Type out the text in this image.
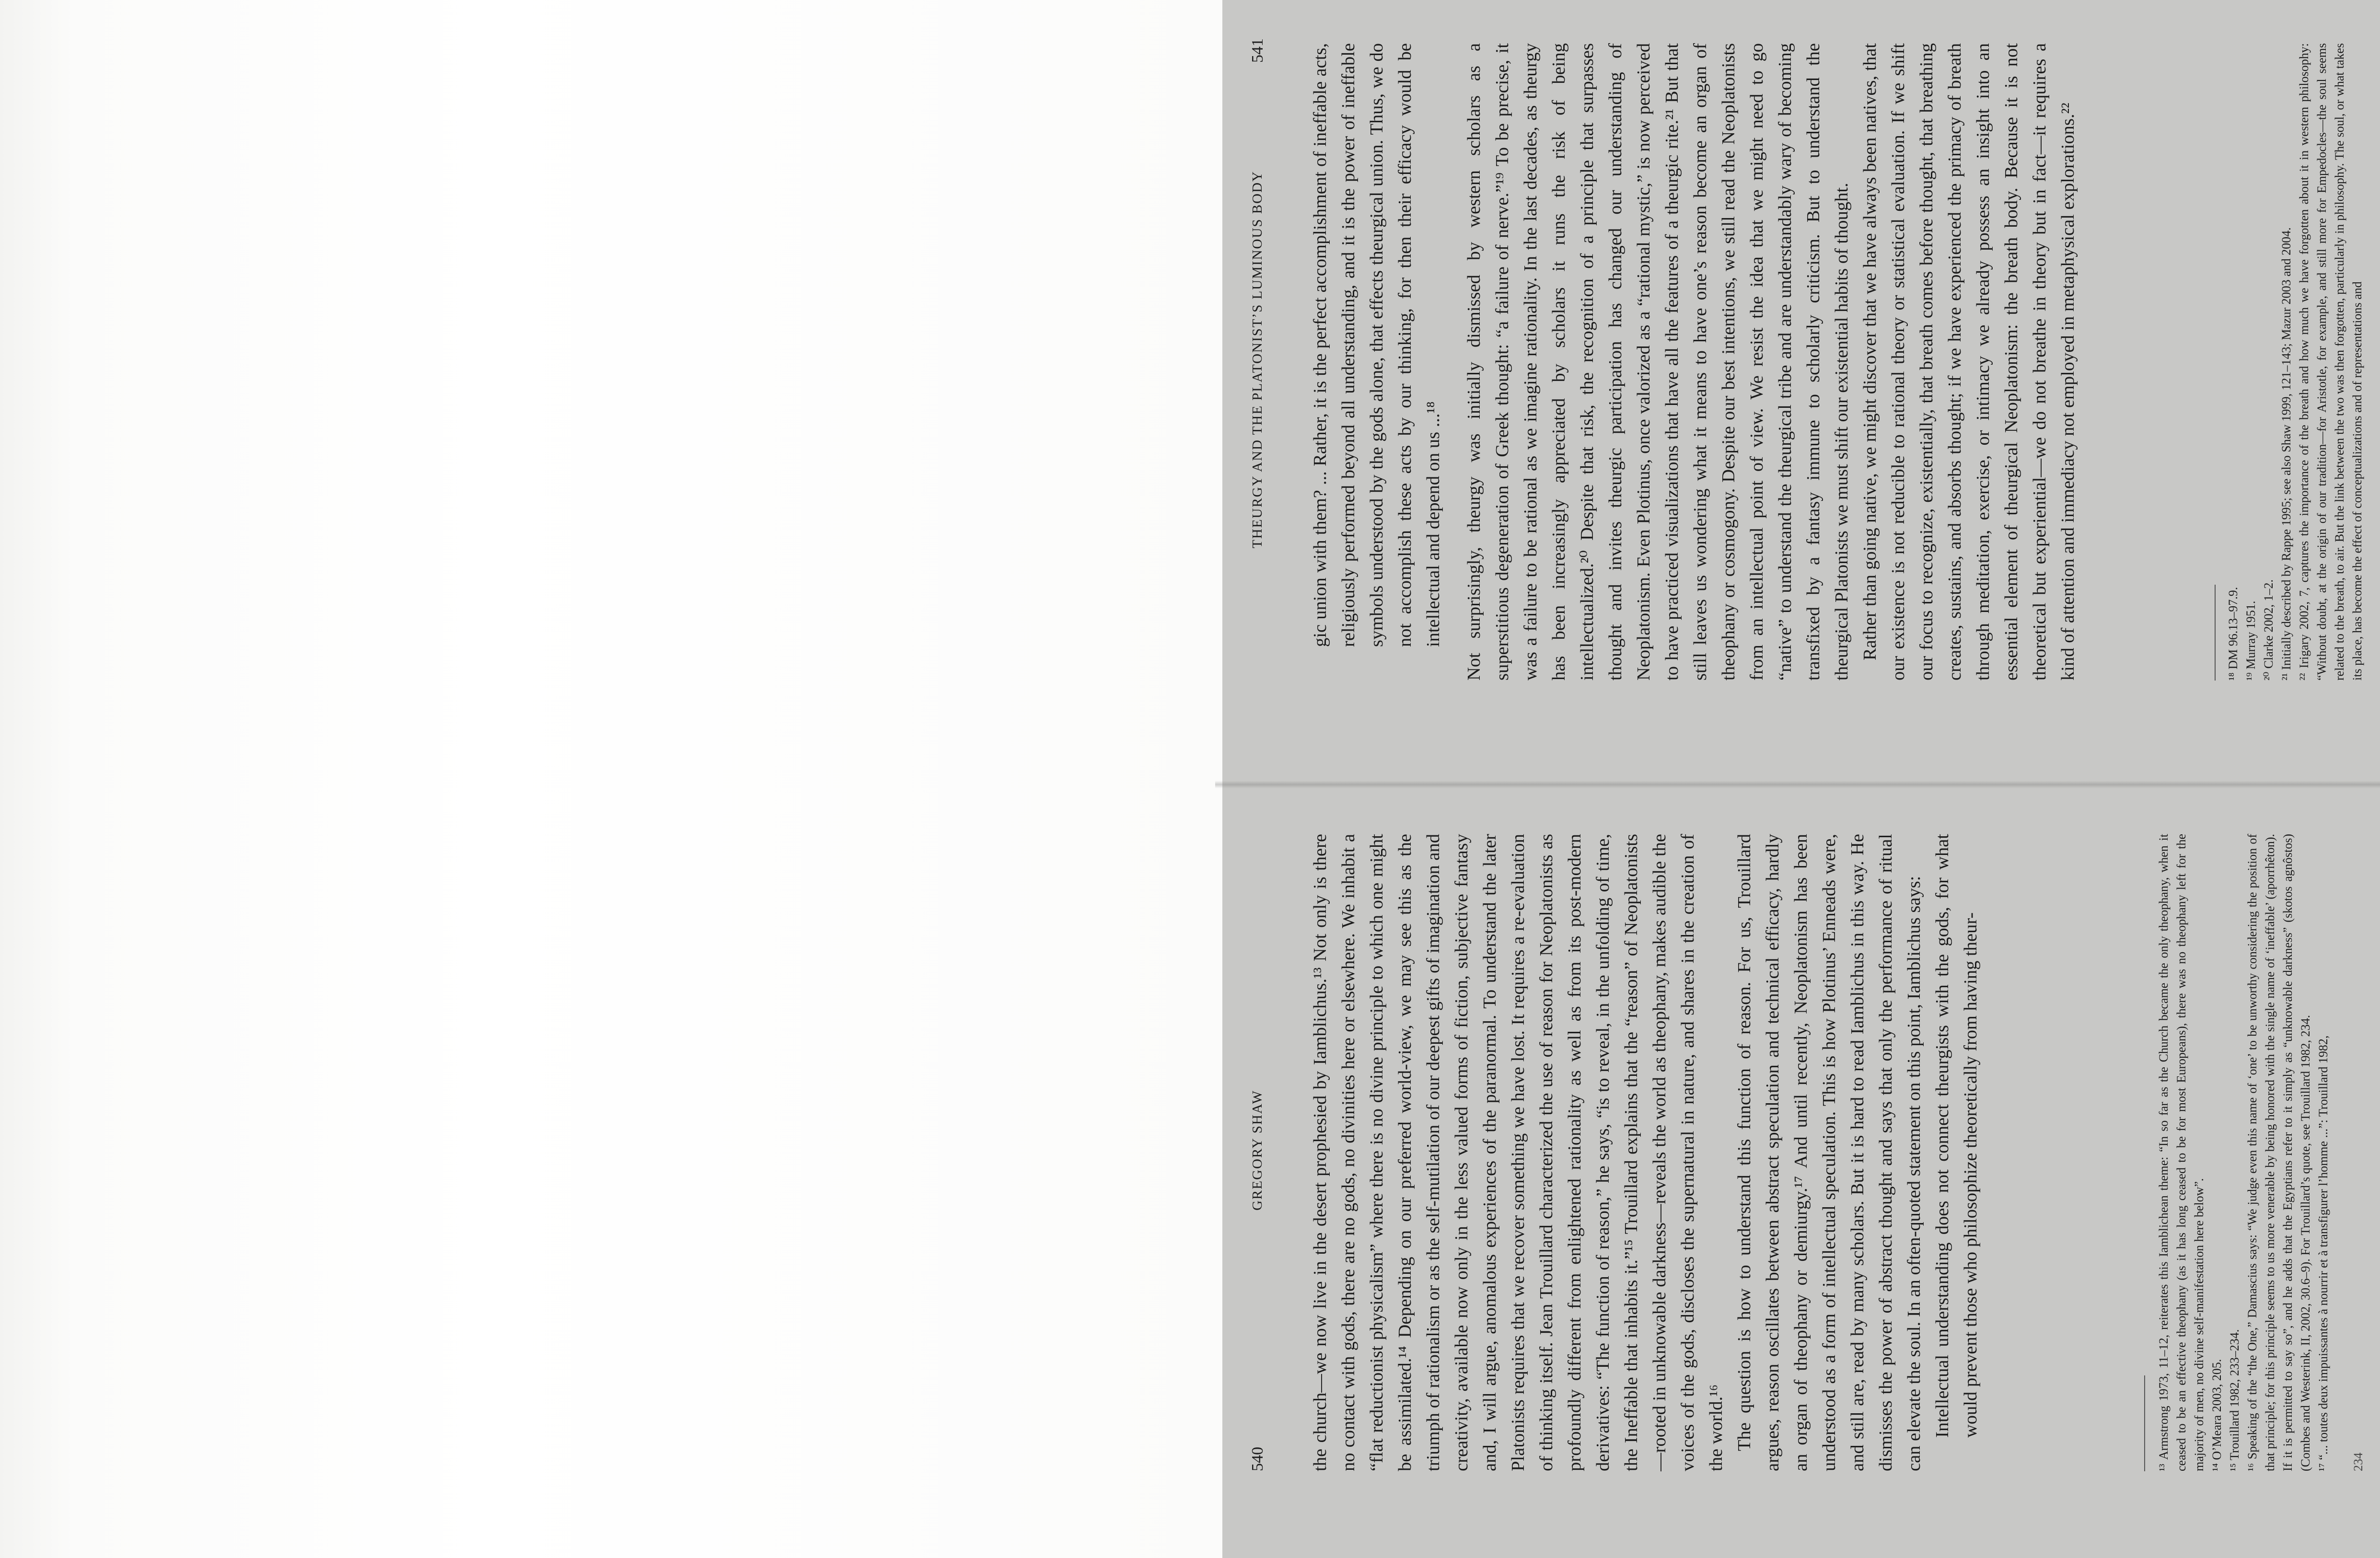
540
GREGORY SHAW the church—we now live in the desert prophesied by Iamblichus.¹³ Not only is there no contact with gods, there are no gods, no divinities here or elsewhere. We inhabit a “flat reductionist physicalism” where there is no divine principle to which one might be assimilated.¹⁴ Depending on our preferred world-view, we may see this as the triumph of rationalism or as the self-mutilation of our deepest gifts of imagination and creativity, available now only in the less valued forms of fiction, subjective fantasy and, I will argue, anomalous experiences of the paranormal. To understand the later Platonists requires that we recover something we have lost. It requires a re-evaluation of thinking itself. Jean Trouillard characterized the use of reason for Neoplatonists as profoundly different from enlightened rationality as well as from its post-modern derivatives: “The function of reason,” he says, “is to reveal, in the unfolding of time, the Ineffable that inhabits it.”¹⁵ Trouillard explains that the “reason” of Neoplatonists—rooted in unknowable darkness—reveals the world as theophany, makes audible the voices of the gods, discloses the supernatural in nature, and shares in the creation of the world.¹⁶ The question is how to understand this function of reason. For us, Trouillard argues, reason oscillates between abstract speculation and technical efficacy, hardly an organ of theophany or demiurgy.¹⁷ And until recently, Neoplatonism has been understood as a form of intellectual speculation. This is how Plotinus’ Enneads were, and still are, read by many scholars. But it is hard to read Iamblichus in this way. He dismisses the power of abstract thought and says that only the performance of ritual can elevate the soul. In an often-quoted statement on this point, Iamblichus says: Intellectual understanding does not connect theurgists with the gods, for what would prevent those who philosophize theoretically from having theur-	¹³ Armstrong 1973, 11–12, reiterates this Iamblichean theme: “In so far as the Church became the only theophany, when it ceased to be an effective theophany (as it has long ceased to be for most Europeans), there was no theophany left for the majority of men, no divine self-manifestation here below”. ¹⁴ O’Meara 2003, 205. ¹⁵ Trouillard 1982, 233–234. ¹⁶ Speaking of the “the One,” Damascius says: “We judge even this name of ‘one’ to be unworthy considering the position of that principle; for this principle seems to us more venerable by being honored with the single name of ‘ineffable’ (aporrhêton). If it is permitted to say so”, and he adds that the Egyptians refer to it simply as “unknowable darkness” (skotos agnôstos) (Combes and Westerink, II, 2002, 30.6–9). For Trouillard’s quote, see Trouillard 1982, 234. ¹⁷ “... toutes deux impuissantes à nourrir et à transfigurer l’homme ...”: Trouillard 1982, 234
THEURGY AND THE PLATONIST’S LUMINOUS BODY
541 gic union with them? ... Rather, it is the perfect accomplishment of ineffable acts, religiously performed beyond all understanding, and it is the power of ineffable symbols understood by the gods alone, that effects theurgical union. Thus, we do not accomplish these acts by our thinking, for then their efficacy would be intellectual and depend on us ...¹⁸ Not surprisingly, theurgy was initially dismissed by western scholars as a superstitious degeneration of Greek thought: “a failure of nerve.”¹⁹ To be precise, it was a failure to be rational as we imagine rationality. In the last decades, as theurgy has been increasingly appreciated by scholars it runs the risk of being intellectualized.²⁰ Despite that risk, the recognition of a principle that surpasses thought and invites theurgic participation has changed our understanding of Neoplatonism. Even Plotinus, once valorized as a “rational mystic,” is now perceived to have practiced visualizations that have all the features of a theurgic rite.²¹ But that still leaves us wondering what it means to have one’s reason become an organ of theophany or cosmogony. Despite our best intentions, we still read the Neoplatonists from an intellectual point of view. We resist the idea that we might need to go “native” to understand the theurgical tribe and are understandably wary of becoming transfixed by a fantasy immune to scholarly criticism. But to understand the theurgical Platonists we must shift our existential habits of thought. Rather than going native, we might discover that we have always been natives, that our existence is not reducible to rational theory or statistical evaluation. If we shift our focus to recognize, existentially, that breath comes before thought, that breathing creates, sustains, and absorbs thought; if we have experienced the primacy of breath through meditation, exercise, or intimacy we already possess an insight into an essential element of theurgical Neoplatonism: the breath body. Because it is not theoretical but experiential—we do not breathe in theory but in fact—it requires a kind of attention and immediacy not employed in metaphysical explorations.²²	¹⁸ DM 96.13–97.9. ¹⁹ Murray 1951. ²⁰ Clarke 2002, 1–2. ²¹ Initially described by Rappe 1995; see also Shaw 1999, 121–143; Mazur 2003 and 2004. ²² Irigary 2002, 7, captures the importance of the breath and how much we have forgotten about it in western philosophy: “Without doubt, at the origin of our tradition—for Aristotle, for example, and still more for Empedocles—the soul seems related to the breath, to air. But the link between the two was then forgotten, particularly in philosophy. The soul, or what takes its place, has become the effect of conceptualizations and of representations and
